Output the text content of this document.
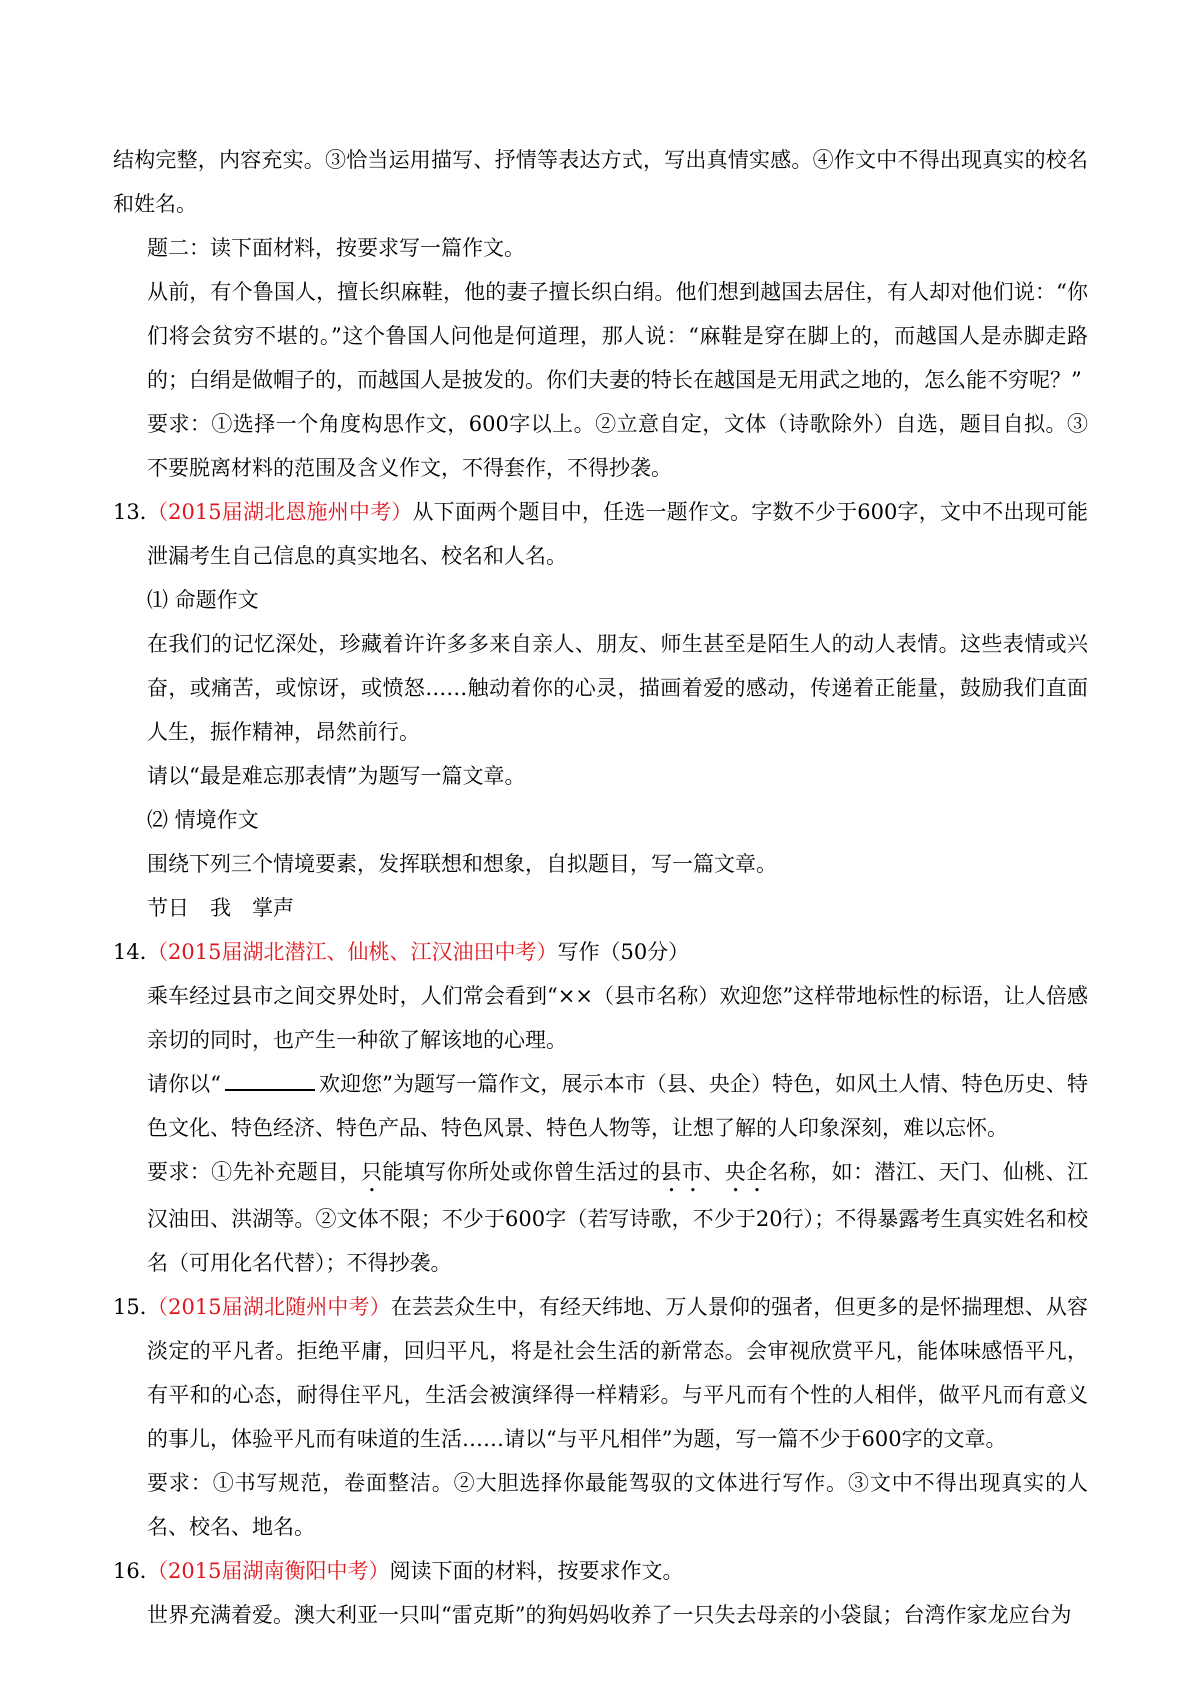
结构完整，内容充实。③恰当运用描写、抒情等表达方式，写出真情实感。④作文中不得出现真实的校名和姓名。

题二：读下面材料，按要求写一篇作文。

从前，有个鲁国人，擅长织麻鞋，他的妻子擅长织白绢。他们想到越国去居住，有人却对他们说：“你们将会贫穷不堪的。”这个鲁国人问他是何道理，那人说：“麻鞋是穿在脚上的，而越国人是赤脚走路的；白绢是做帽子的，而越国人是披发的。你们夫妻的特长在越国是无用武之地的，怎么能不穷呢？”

要求：①选择一个角度构思作文，600字以上。②立意自定，文体（诗歌除外）自选，题目自拟。③不要脱离材料的范围及含义作文，不得套作，不得抄袭。

13．
（2015届湖北恩施州中考）从下面两个题目中，任选一题作文。字数不少于600字，文中不出现可能泄漏考生自己信息的真实地名、校名和人名。

⑴ 命题作文

在我们的记忆深处，珍藏着许许多多来自亲人、朋友、师生甚至是陌生人的动人表情。这些表情或兴奋，或痛苦，或惊讶，或愤怒……触动着你的心灵，描画着爱的感动，传递着正能量，鼓励我们直面人生，振作精神，昂然前行。

请以“最是难忘那表情”为题写一篇文章。

⑵ 情境作文

围绕下列三个情境要素，发挥联想和想象，自拟题目，写一篇文章。

节日　我　掌声

14．
（2015届湖北潜江、仙桃、江汉油田中考）写作（50分）

乘车经过县市之间交界处时，人们常会看到“××（县市名称）欢迎您”这样带地标性的标语，让人倍感亲切的同时，也产生一种欲了解该地的心理。

请你以“	欢迎您”为题写一篇作文，展示本市（县、央企）特色，如风土人情、特色历史、特色文化、特色经济、特色产品、特色风景、特色人物等，让想了解的人印象深刻，难以忘怀。

要求：①先补充题目，只能填写你所处或你曾生活过的县市、央企名称，如：潜江、天门、仙桃、江汉油田、洪湖等。②文体不限；不少于600字（若写诗歌，不少于20行）；不得暴露考生真实姓名和校名（可用化名代替）；不得抄袭。

15．
（2015届湖北随州中考）在芸芸众生中，有经天纬地、万人景仰的强者，但更多的是怀揣理想、从容淡定的平凡者。拒绝平庸，回归平凡，将是社会生活的新常态。会审视欣赏平凡，能体味感悟平凡，有平和的心态，耐得住平凡，生活会被演绎得一样精彩。与平凡而有个性的人相伴，做平凡而有意义的事儿，体验平凡而有味道的生活……请以“与平凡相伴”为题，写一篇不少于600字的文章。

要求：①书写规范，卷面整洁。②大胆选择你最能驾驭的文体进行写作。③文中不得出现真实的人名、校名、地名。

16．
（2015届湖南衡阳中考）阅读下面的材料，按要求作文。

世界充满着爱。澳大利亚一只叫“雷克斯”的狗妈妈收养了一只失去母亲的小袋鼠；台湾作家龙应台为
